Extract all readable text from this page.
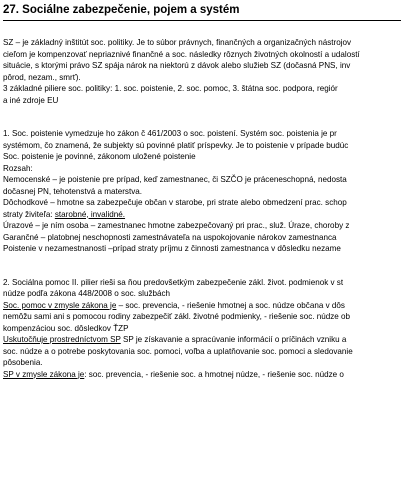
27. Sociálne zabezpečenie, pojem a systém
SZ – je základný inštitút soc. politiky. Je to súbor právnych, finančných a organizačných nástrojov
cieľom je kompenzovať nepriaznivé finančné a soc. následky rôznych životných okolností a udalostí
situácie, s ktorými právo SZ spája nárok na niektorú z dávok alebo služieb SZ (dočasná PNS, inv
pôrod, nezam., smrť).
3 základné piliere soc. politiky: 1. soc. poistenie, 2. soc. pomoc, 3. štátna soc. podpora, regiór
a iné zdroje EU
1. Soc. poistenie vymedzuje ho zákon č 461/2003 o soc. poistení. Systém soc. poistenia je pr
systémom, čo znamená, že subjekty sú povinné platiť príspevky. Je to poistenie v prípade budúc
Soc. poistenie je povinné, zákonom uložené poistenie
Rozsah:
Nemocenské – je poistenie pre prípad, keď zamestnanec, či SZČO je práceneschopná, nedosta
dočasnej PN, tehotenstvá a materstva.
Dôchodkové – hmotne sa zabezpečuje občan v starobe, pri strate alebo obmedzení prac. schop
straty živiteľa: starobné, invalidné.
Úrazové – je ním osoba – zamestnanec hmotne zabezpečovaný pri prac., služ. Úraze, choroby z
Garančné – platobnej neschopnosti zamestnávateľa na uspokojovanie nárokov zamestnanca
Poistenie v nezamestnanosti –prípad straty príjmu z činnosti zamestnanca v dôsledku nezame
2. Sociálna pomoc II. pilier rieši sa ňou predovšetkým zabezpečenie zákl. život. podmienok v st
núdze podľa zákona 448/2008 o soc. službách
Soc. pomoc v zmysle zákona je – soc. prevencia, - riešenie hmotnej a soc. núdze občana v dôs
nemôžu sami ani s pomocou rodiny zabezpečiť zákl. životné podmienky, - riešenie soc. núdze ob
kompenzáciou soc. dôsledkov ŤZP
Uskutočňuje prostredníctvom SP SP je získavanie a spracúvanie informácií o príčinách vzniku a
soc. núdze a o potrebe poskytovania soc. pomoci, voľba a uplatňovanie soc. pomoci a sledovanie
pôsobenia.
SP v zmysle zákona je: soc. prevencia, - riešenie soc. a hmotnej núdze, - riešenie soc. núdze o
